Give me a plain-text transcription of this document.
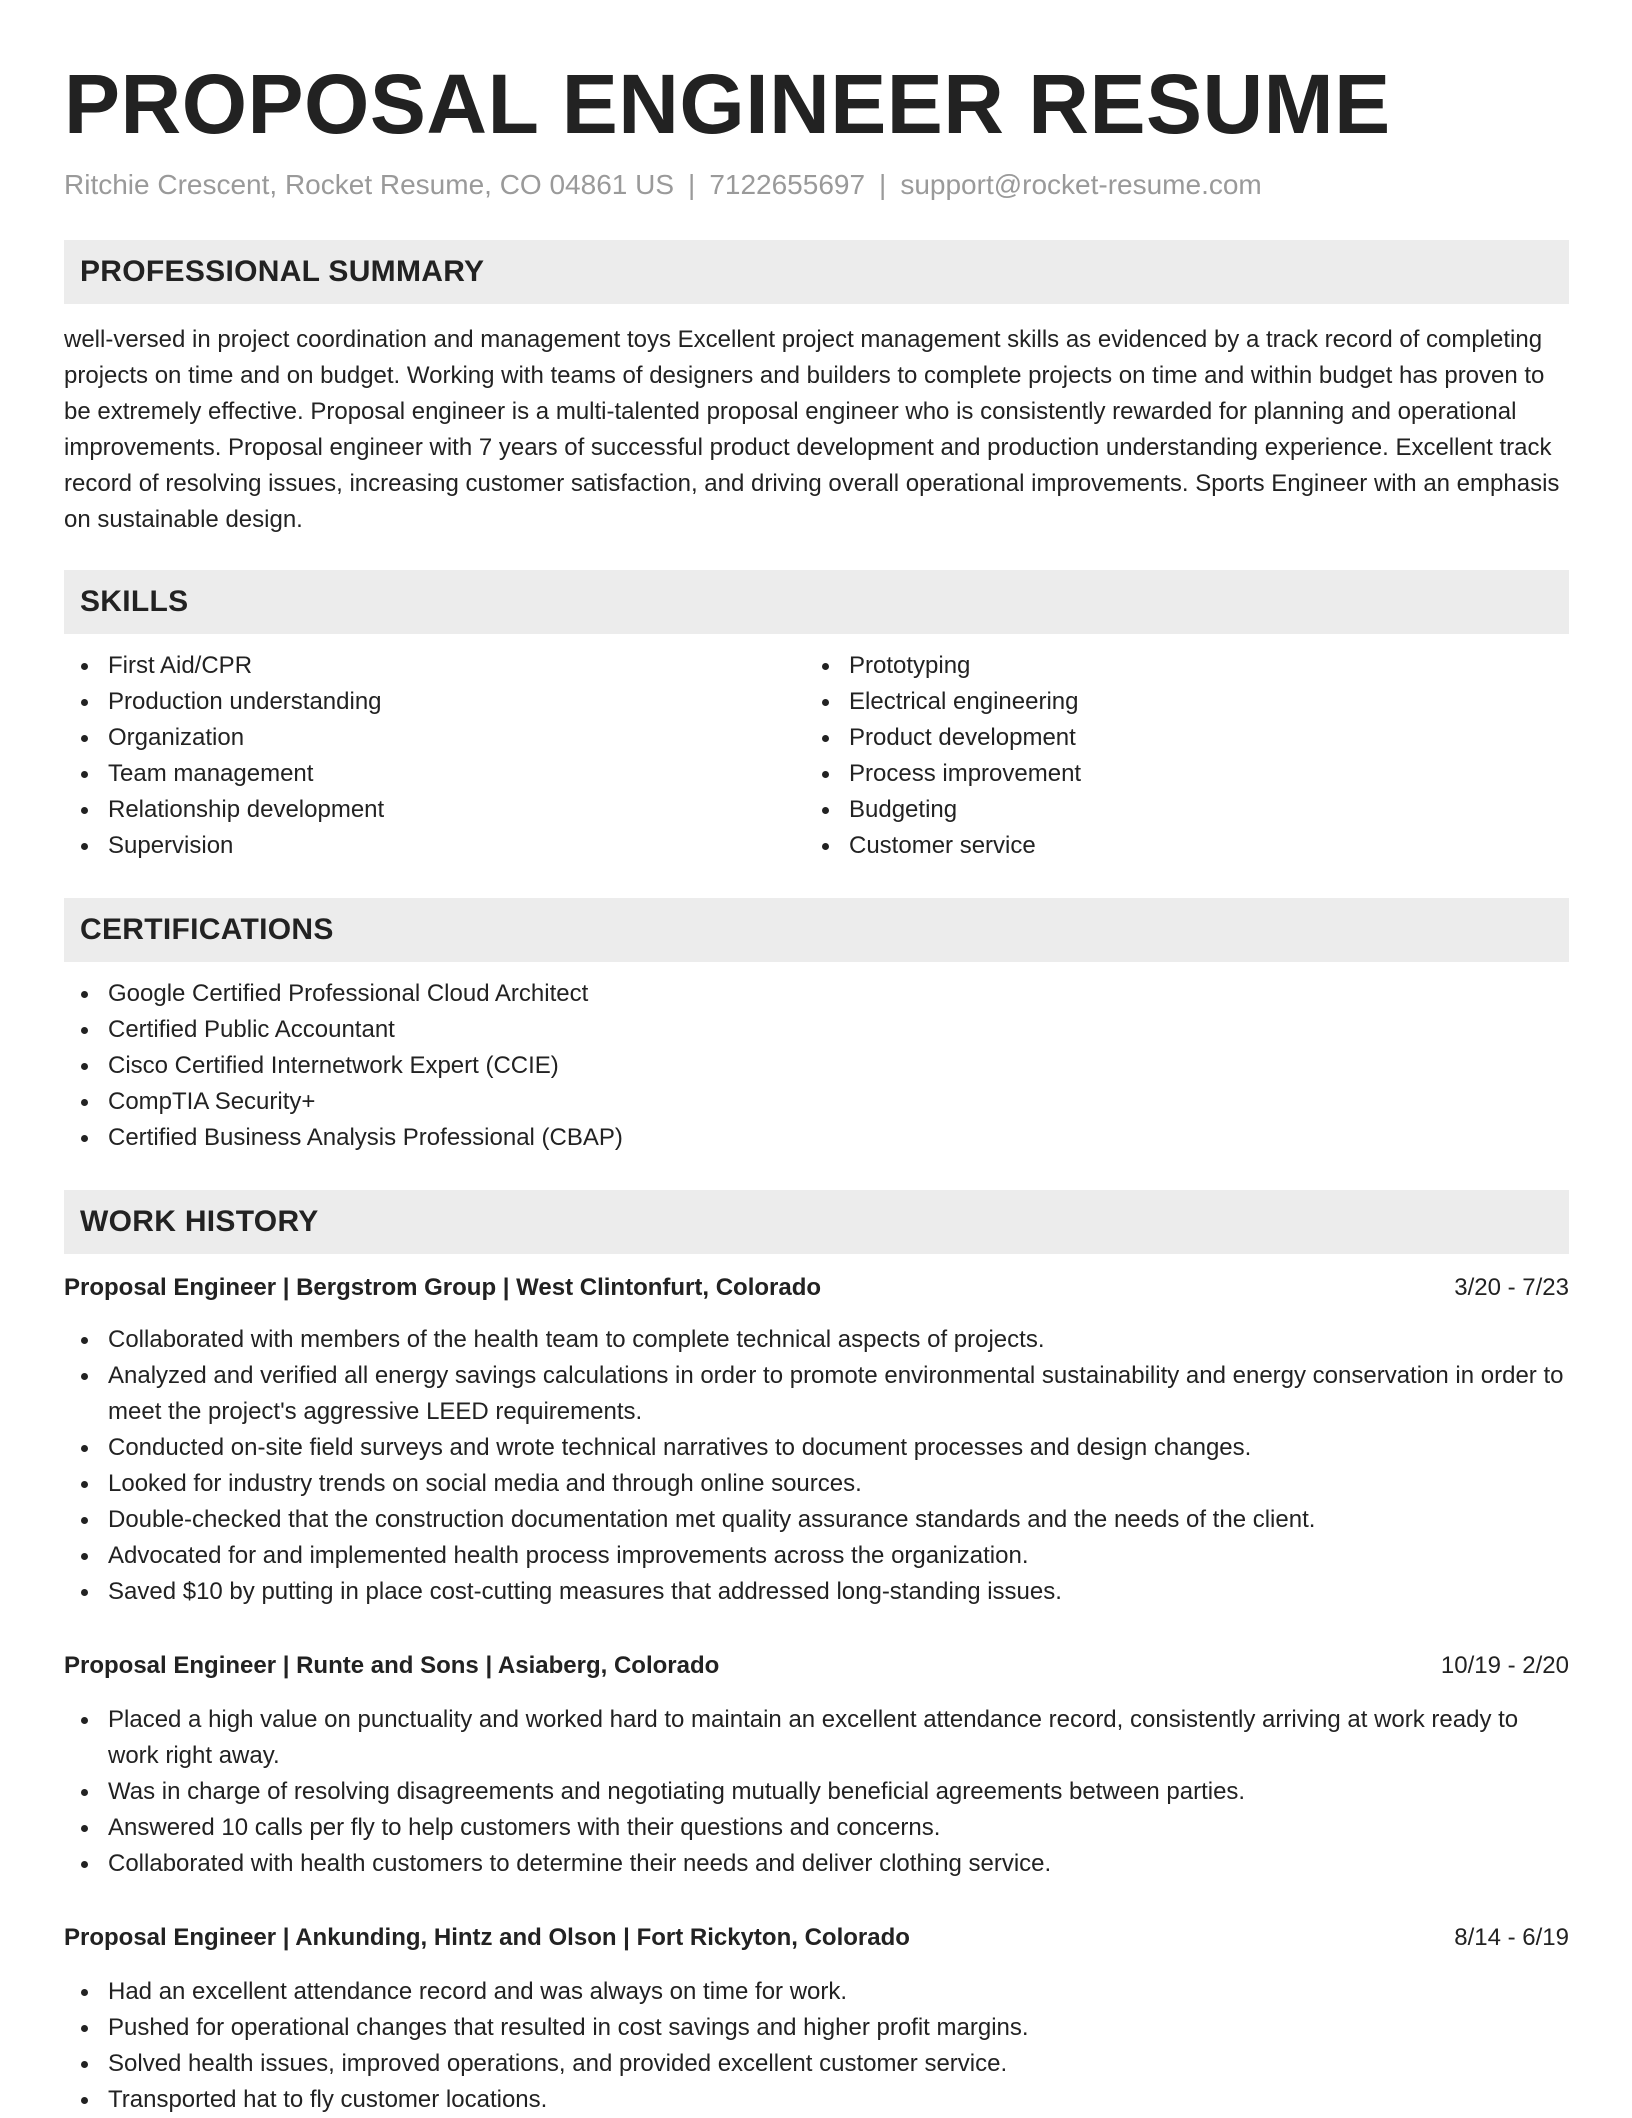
PROPOSAL ENGINEER RESUME
Ritchie Crescent, Rocket Resume, CO 04861 US | 7122655697 | support@rocket-resume.com
PROFESSIONAL SUMMARY

well-versed in project coordination and management toys Excellent project management skills as evidenced by a track record of completing projects on time and on budget. Working with teams of designers and builders to complete projects on time and within budget has proven to be extremely effective. Proposal engineer is a multi-talented proposal engineer who is consistently rewarded for planning and operational improvements. Proposal engineer with 7 years of successful product development and production understanding experience. Excellent track record of resolving issues, increasing customer satisfaction, and driving overall operational improvements. Sports Engineer with an emphasis on sustainable design.

SKILLS
First Aid/CPR
Production understanding
Organization
Team management
Relationship development
Supervision
Prototyping
Electrical engineering
Product development
Process improvement
Budgeting
Customer service
CERTIFICATIONS
Google Certified Professional Cloud Architect
Certified Public Accountant
Cisco Certified Internetwork Expert (CCIE)
CompTIA Security+
Certified Business Analysis Professional (CBAP)
WORK HISTORY
Proposal Engineer | Bergstrom Group | West Clintonfurt, Colorado	3/20 - 7/23
Collaborated with members of the health team to complete technical aspects of projects.
Analyzed and verified all energy savings calculations in order to promote environmental sustainability and energy conservation in order to meet the project's aggressive LEED requirements.
Conducted on-site field surveys and wrote technical narratives to document processes and design changes.
Looked for industry trends on social media and through online sources.
Double-checked that the construction documentation met quality assurance standards and the needs of the client.
Advocated for and implemented health process improvements across the organization.
Saved $10 by putting in place cost-cutting measures that addressed long-standing issues.
Proposal Engineer | Runte and Sons | Asiaberg, Colorado	10/19 - 2/20
Placed a high value on punctuality and worked hard to maintain an excellent attendance record, consistently arriving at work ready to work right away.
Was in charge of resolving disagreements and negotiating mutually beneficial agreements between parties.
Answered 10 calls per fly to help customers with their questions and concerns.
Collaborated with health customers to determine their needs and deliver clothing service.
Proposal Engineer | Ankunding, Hintz and Olson | Fort Rickyton, Colorado	8/14 - 6/19
Had an excellent attendance record and was always on time for work.
Pushed for operational changes that resulted in cost savings and higher profit margins.
Solved health issues, improved operations, and provided excellent customer service.
Transported hat to fly customer locations.
